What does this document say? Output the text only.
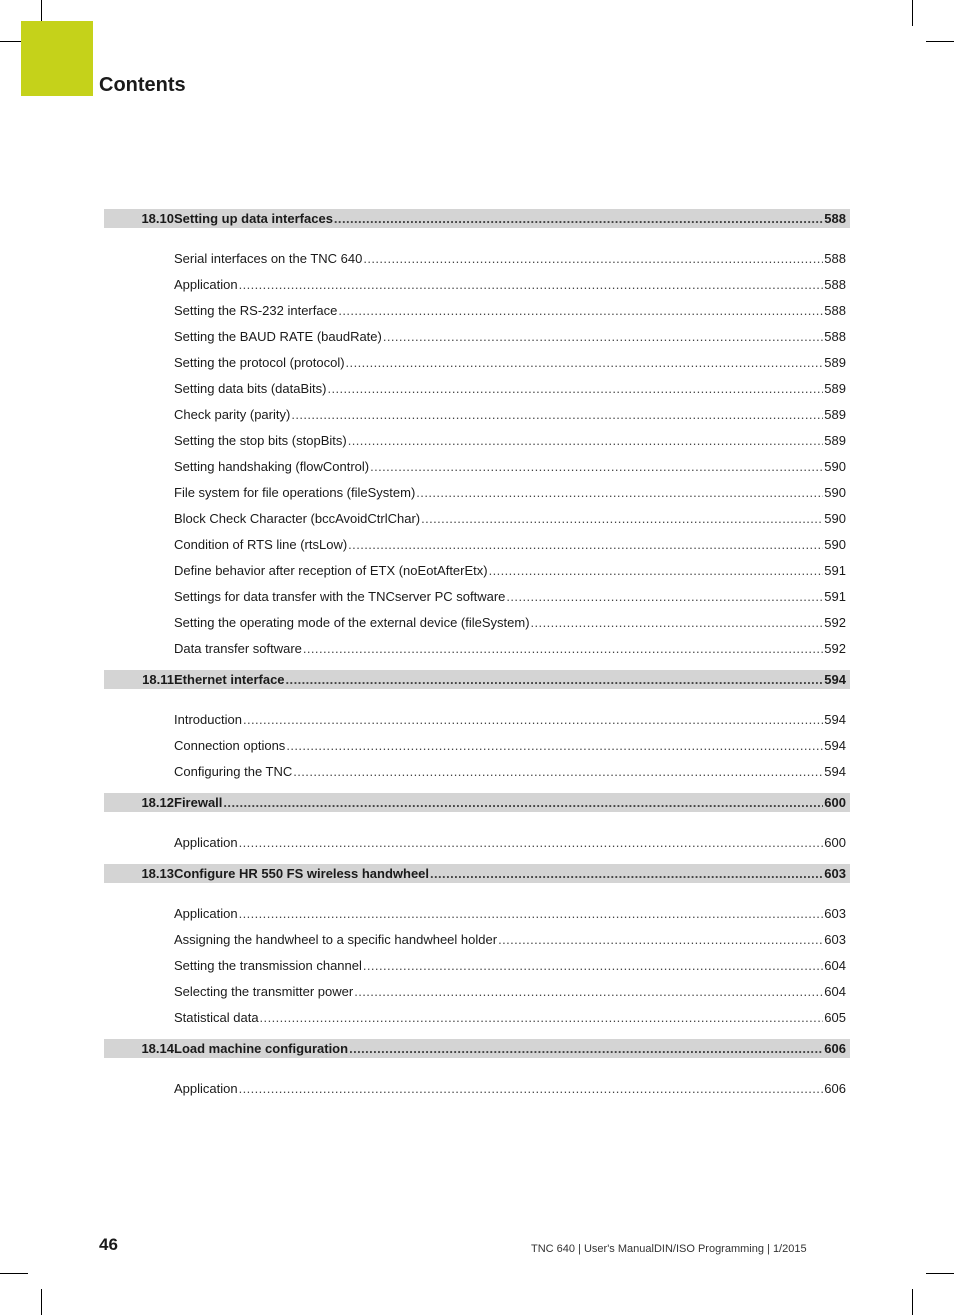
Contents
18.10 Setting up data interfaces .....	588
Serial interfaces on the TNC 640 .....	588
Application .....	588
Setting the RS-232 interface .....	588
Setting the BAUD RATE (baudRate) .....	588
Setting the protocol (protocol) .....	589
Setting data bits (dataBits) .....	589
Check parity (parity) .....	589
Setting the stop bits (stopBits) .....	589
Setting handshaking (flowControl) .....	590
File system for file operations (fileSystem) .....	590
Block Check Character (bccAvoidCtrlChar) .....	590
Condition of RTS line (rtsLow) .....	590
Define behavior after reception of ETX (noEotAfterEtx) .....	591
Settings for data transfer with the TNCserver PC software .....	591
Setting the operating mode of the external device (fileSystem) .....	592
Data transfer software .....	592
18.11 Ethernet interface .....	594
Introduction .....	594
Connection options .....	594
Configuring the TNC .....	594
18.12 Firewall .....	600
Application .....	600
18.13 Configure HR 550 FS wireless handwheel .....	603
Application .....	603
Assigning the handwheel to a specific handwheel holder .....	603
Setting the transmission channel .....	604
Selecting the transmitter power .....	604
Statistical data .....	605
18.14 Load machine configuration .....	606
Application .....	606
46	TNC 640 | User's ManualDIN/ISO Programming | 1/2015
